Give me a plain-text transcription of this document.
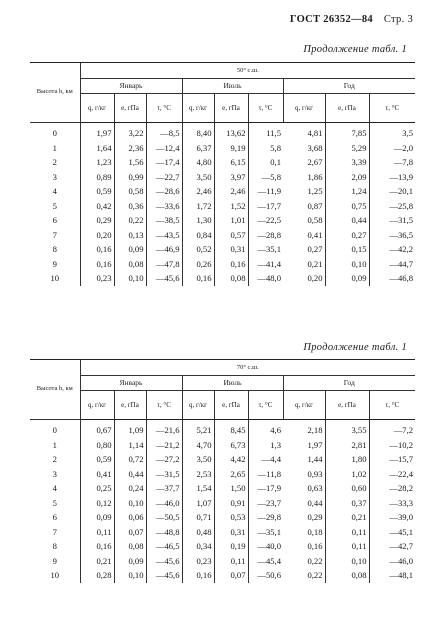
ГОСТ 26352—84 Стр. 3
Продолжение табл. 1
Высота h, км	50° с.ш.								
	Январь			Июль			Год		
	q, г/кг	e, гПа	τ, °С	q, г/кг	e, гПа	τ, °С	q, г/кг	e, гПа	τ, °С
0	1,97	3,22	—8,5	8,40	13,62	11,5	4,81	7,85	3,5
1	1,64	2,36	—12,4	6,37	9,19	5,8	3,68	5,29	—2,0
2	1,23	1,56	—17,4	4,80	6,15	0,1	2,67	3,39	—7,8
3	0,89	0,99	—22,7	3,50	3,97	—5,8	1,86	2,09	—13,9
4	0,59	0,58	—28,6	2,46	2,46	—11,9	1,25	1,24	—20,1
5	0,42	0,36	—33,6	1,72	1,52	—17,7	0,87	0,75	—25,8
6	0,29	0,22	—38,5	1,30	1,01	—22,5	0,58	0,44	—31,5
7	0,20	0,13	—43,5	0,84	0,57	—28,8	0,41	0,27	—36,5
8	0,16	0,09	—46,9	0,52	0,31	—35,1	0,27	0,15	—42,2
9	0,16	0,08	—47,8	0,26	0,16	—41,4	0,21	0,10	—44,7
10	0,23	0,10	—45,6	0,16	0,08	—48,0	0,20	0,09	—46,8
Продолжение табл. 1
Высота h, км	70° с.ш.								
	Январь			Июль			Год		
	q, г/кг	e, гПа	τ, °С	q, г/кг	e, гПа	τ, °С	q, г/кг	e, гПа	τ, °С
0	0,67	1,09	—21,6	5,21	8,45	4,6	2,18	3,55	—7,2
1	0,80	1,14	—21,2	4,70	6,73	1,3	1,97	2,81	—10,2
2	0,59	0,72	—27,2	3,50	4,42	—4,4	1,44	1,80	—15,7
3	0,41	0,44	—31,5	2,53	2,65	—11,8	0,93	1,02	—22,4
4	0,25	0,24	—37,7	1,54	1,50	—17,9	0,63	0,60	—28,2
5	0,12	0,10	—46,0	1,07	0,91	—23,7	0,44	0,37	—33,3
6	0,09	0,06	—50,5	0,71	0,53	—29,8	0,29	0,21	—39,0
7	0,11	0,07	—48,8	0,48	0,31	—35,1	0,18	0,11	—45,1
8	0,16	0,08	—46,5	0,34	0,19	—40,0	0,16	0,11	—42,7
9	0,21	0,09	—45,6	0,23	0,11	—45,4	0,22	0,10	—46,0
10	0,28	0,10	—45,6	0,16	0,07	—50,6	0,22	0,08	—48,1
